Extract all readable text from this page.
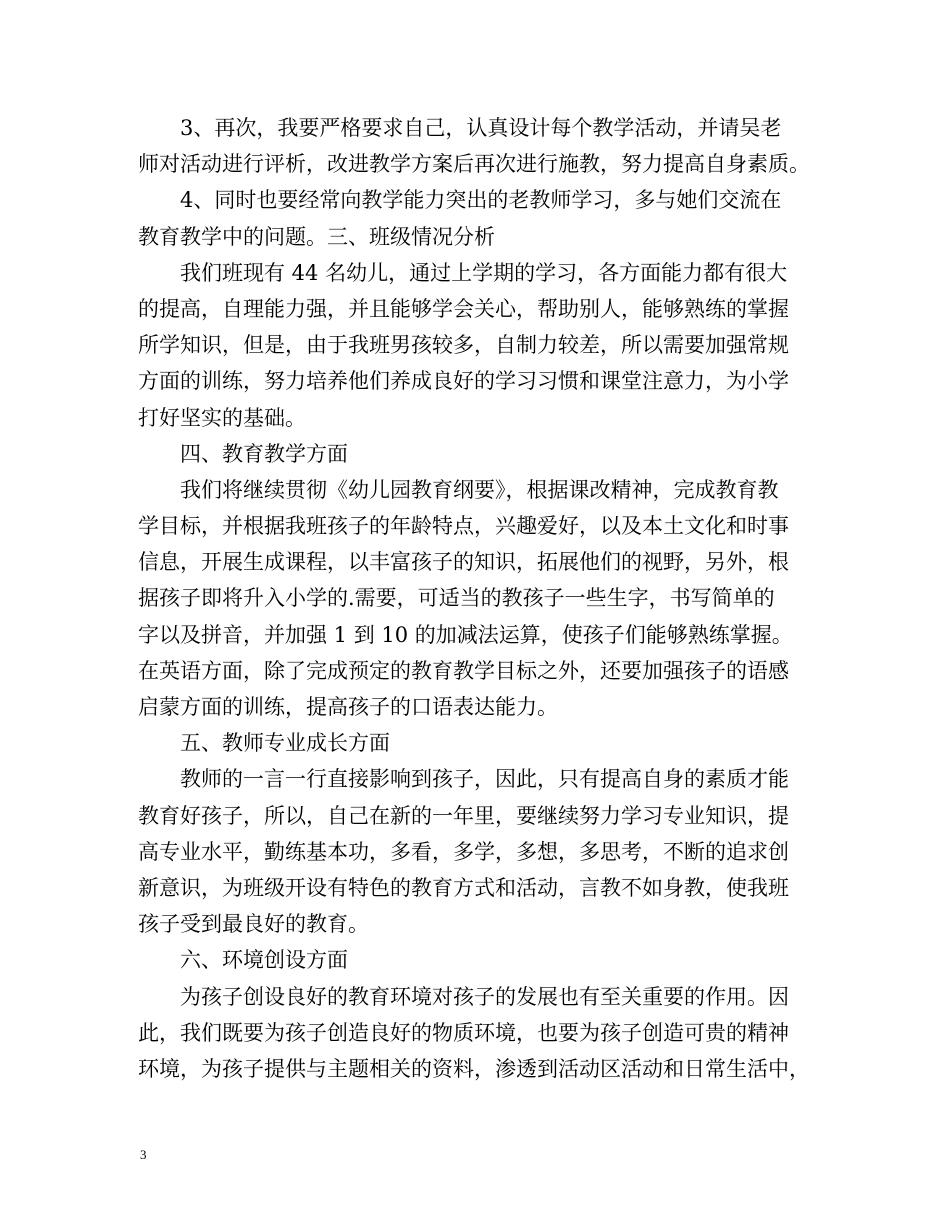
3、再次，我要严格要求自己，认真设计每个教学活动，并请吴老
师对活动进行评析，改进教学方案后再次进行施教，努力提高自身素质。
4、同时也要经常向教学能力突出的老教师学习，多与她们交流在
教育教学中的问题。三、班级情况分析
我们班现有 44 名幼儿，通过上学期的学习，各方面能力都有很大
的提高，自理能力强，并且能够学会关心，帮助别人，能够熟练的掌握
所学知识，但是，由于我班男孩较多，自制力较差，所以需要加强常规
方面的训练，努力培养他们养成良好的学习习惯和课堂注意力，为小学
打好坚实的基础。
四、教育教学方面
我们将继续贯彻《幼儿园教育纲要》，根据课改精神，完成教育教
学目标，并根据我班孩子的年龄特点，兴趣爱好，以及本土文化和时事
信息，开展生成课程，以丰富孩子的知识，拓展他们的视野，另外，根
据孩子即将升入小学的.需要，可适当的教孩子一些生字，书写简单的
字以及拼音，并加强 1 到 10 的加减法运算，使孩子们能够熟练掌握。
在英语方面，除了完成预定的教育教学目标之外，还要加强孩子的语感
启蒙方面的训练，提高孩子的口语表达能力。
五、教师专业成长方面
教师的一言一行直接影响到孩子，因此，只有提高自身的素质才能
教育好孩子，所以，自己在新的一年里，要继续努力学习专业知识，提
高专业水平，勤练基本功，多看，多学，多想，多思考，不断的追求创
新意识，为班级开设有特色的教育方式和活动，言教不如身教，使我班
孩子受到最良好的教育。
六、环境创设方面
为孩子创设良好的教育环境对孩子的发展也有至关重要的作用。因
此，我们既要为孩子创造良好的物质环境，也要为孩子创造可贵的精神
环境，为孩子提供与主题相关的资料，渗透到活动区活动和日常生活中，
3
